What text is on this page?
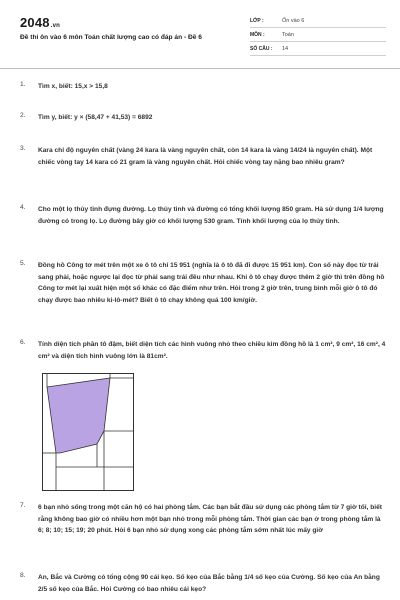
2048.vn
Đề thi ôn vào 6 môn Toán chất lượng cao có đáp án - Đề 6
LỚP :	Ôn vào 6
MÔN :	Toán
SỐ CÂU :	14
1. Tìm x, biết: 15,x > 15,8
2. Tìm y, biết: y × (58,47 + 41,53) = 6892
3. Kara chỉ độ nguyên chất (vàng 24 kara là vàng nguyên chất, còn 14 kara là vàng 14/24 là nguyên chất). Một chiếc vòng tay 14 kara có 21 gram là vàng nguyên chất. Hỏi chiếc vòng tay nặng bao nhiêu gram?
4. Cho một lọ thủy tinh đựng đường. Lọ thủy tinh và đường có tổng khối lượng 850 gram. Hà sử dụng 1/4 lượng đường có trong lọ. Lọ đường bây giờ có khối lượng 530 gram. Tính khối lượng của lọ thủy tinh.
5. Đồng hồ Công tơ mét trên một xe ô tô chỉ 15 951 (nghĩa là ô tô đã đi được 15 951 km). Con số này đọc từ trái sang phải, hoặc ngược lại đọc từ phải sang trái đều như nhau. Khi ô tô chạy được thêm 2 giờ thì trên đồng hồ Công tơ mét lại xuất hiện một số khác có đặc điểm như trên. Hỏi trong 2 giờ trên, trung bình mỗi giờ ô tô đó chạy được bao nhiêu ki-lô-mét? Biết ô tô chạy không quá 100 km/giờ.
6. Tính diện tích phần tô đậm, biết diện tích các hình vuông nhỏ theo chiều kim đồng hồ là 1 cm², 9 cm², 16 cm², 4 cm² và diện tích hình vuông lớn là 81cm².
7. 6 bạn nhỏ sống trong một căn hộ có hai phòng tắm. Các bạn bắt đầu sử dụng các phòng tắm từ 7 giờ tối, biết rằng không bao giờ có nhiều hơn một bạn nhỏ trong mỗi phòng tắm. Thời gian các bạn ở trong phòng tắm là 6; 8; 10; 15; 19; 20 phút. Hỏi 6 bạn nhỏ sử dụng xong các phòng tắm sớm nhất lúc mấy giờ
8. An, Bắc và Cường có tổng cộng 90 cái kẹo. Số kẹo của Bắc bằng 1/4 số kẹo của Cường. Số kẹo của An bằng 2/5 số kẹo của Bắc. Hỏi Cường có bao nhiêu cái kẹo?
